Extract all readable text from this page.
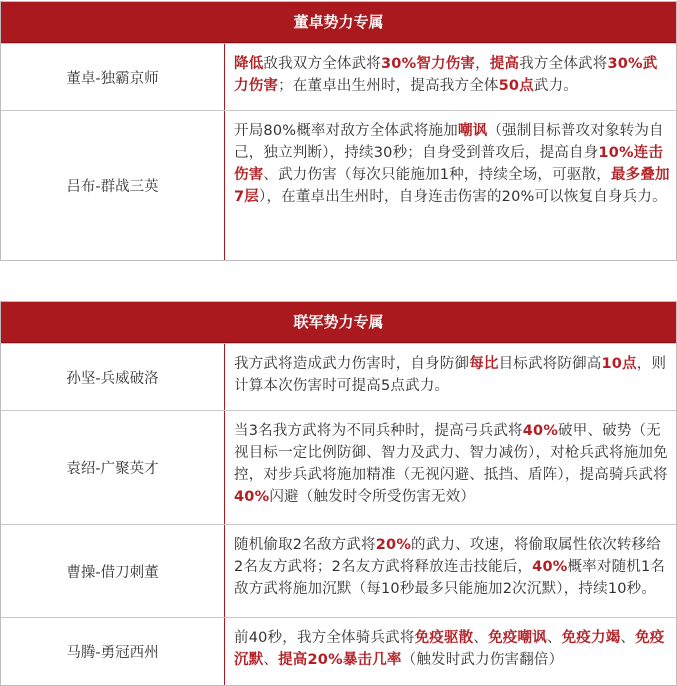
董卓势力专属
董卓-独霸京师
降低敌我双方全体武将30%智力伤害，提高我方全体武将30%武力伤害；在董卓出生州时，提高我方全体50点武力。
吕布-群战三英
开局80%概率对敌方全体武将施加嘲讽（强制目标普攻对象转为自己，独立判断），持续30秒；自身受到普攻后，提高自身10%连击伤害、武力伤害（每次只能施加1种，持续全场，可驱散，最多叠加7层），在董卓出生州时，自身连击伤害的20%可以恢复自身兵力。
联军势力专属
孙坚-兵威破洛
我方武将造成武力伤害时，自身防御每比目标武将防御高10点，则计算本次伤害时可提高5点武力。
袁绍-广聚英才
当3名我方武将为不同兵种时，提高弓兵武将40%破甲、破势（无视目标一定比例防御、智力及武力、智力减伤），对枪兵武将施加免控，对步兵武将施加精准（无视闪避、抵挡、盾阵），提高骑兵武将40%闪避（触发时令所受伤害无效）
曹操-借刀刺董
随机偷取2名敌方武将20%的武力、攻速，将偷取属性依次转移给2名友方武将；2名友方武将释放连击技能后，40%概率对随机1名敌方武将施加沉默（每10秒最多只能施加2次沉默），持续10秒。
马腾-勇冠西州
前40秒，我方全体骑兵武将免疫驱散、免疫嘲讽、免疫力竭、免疫沉默、提高20%暴击几率（触发时武力伤害翻倍）
